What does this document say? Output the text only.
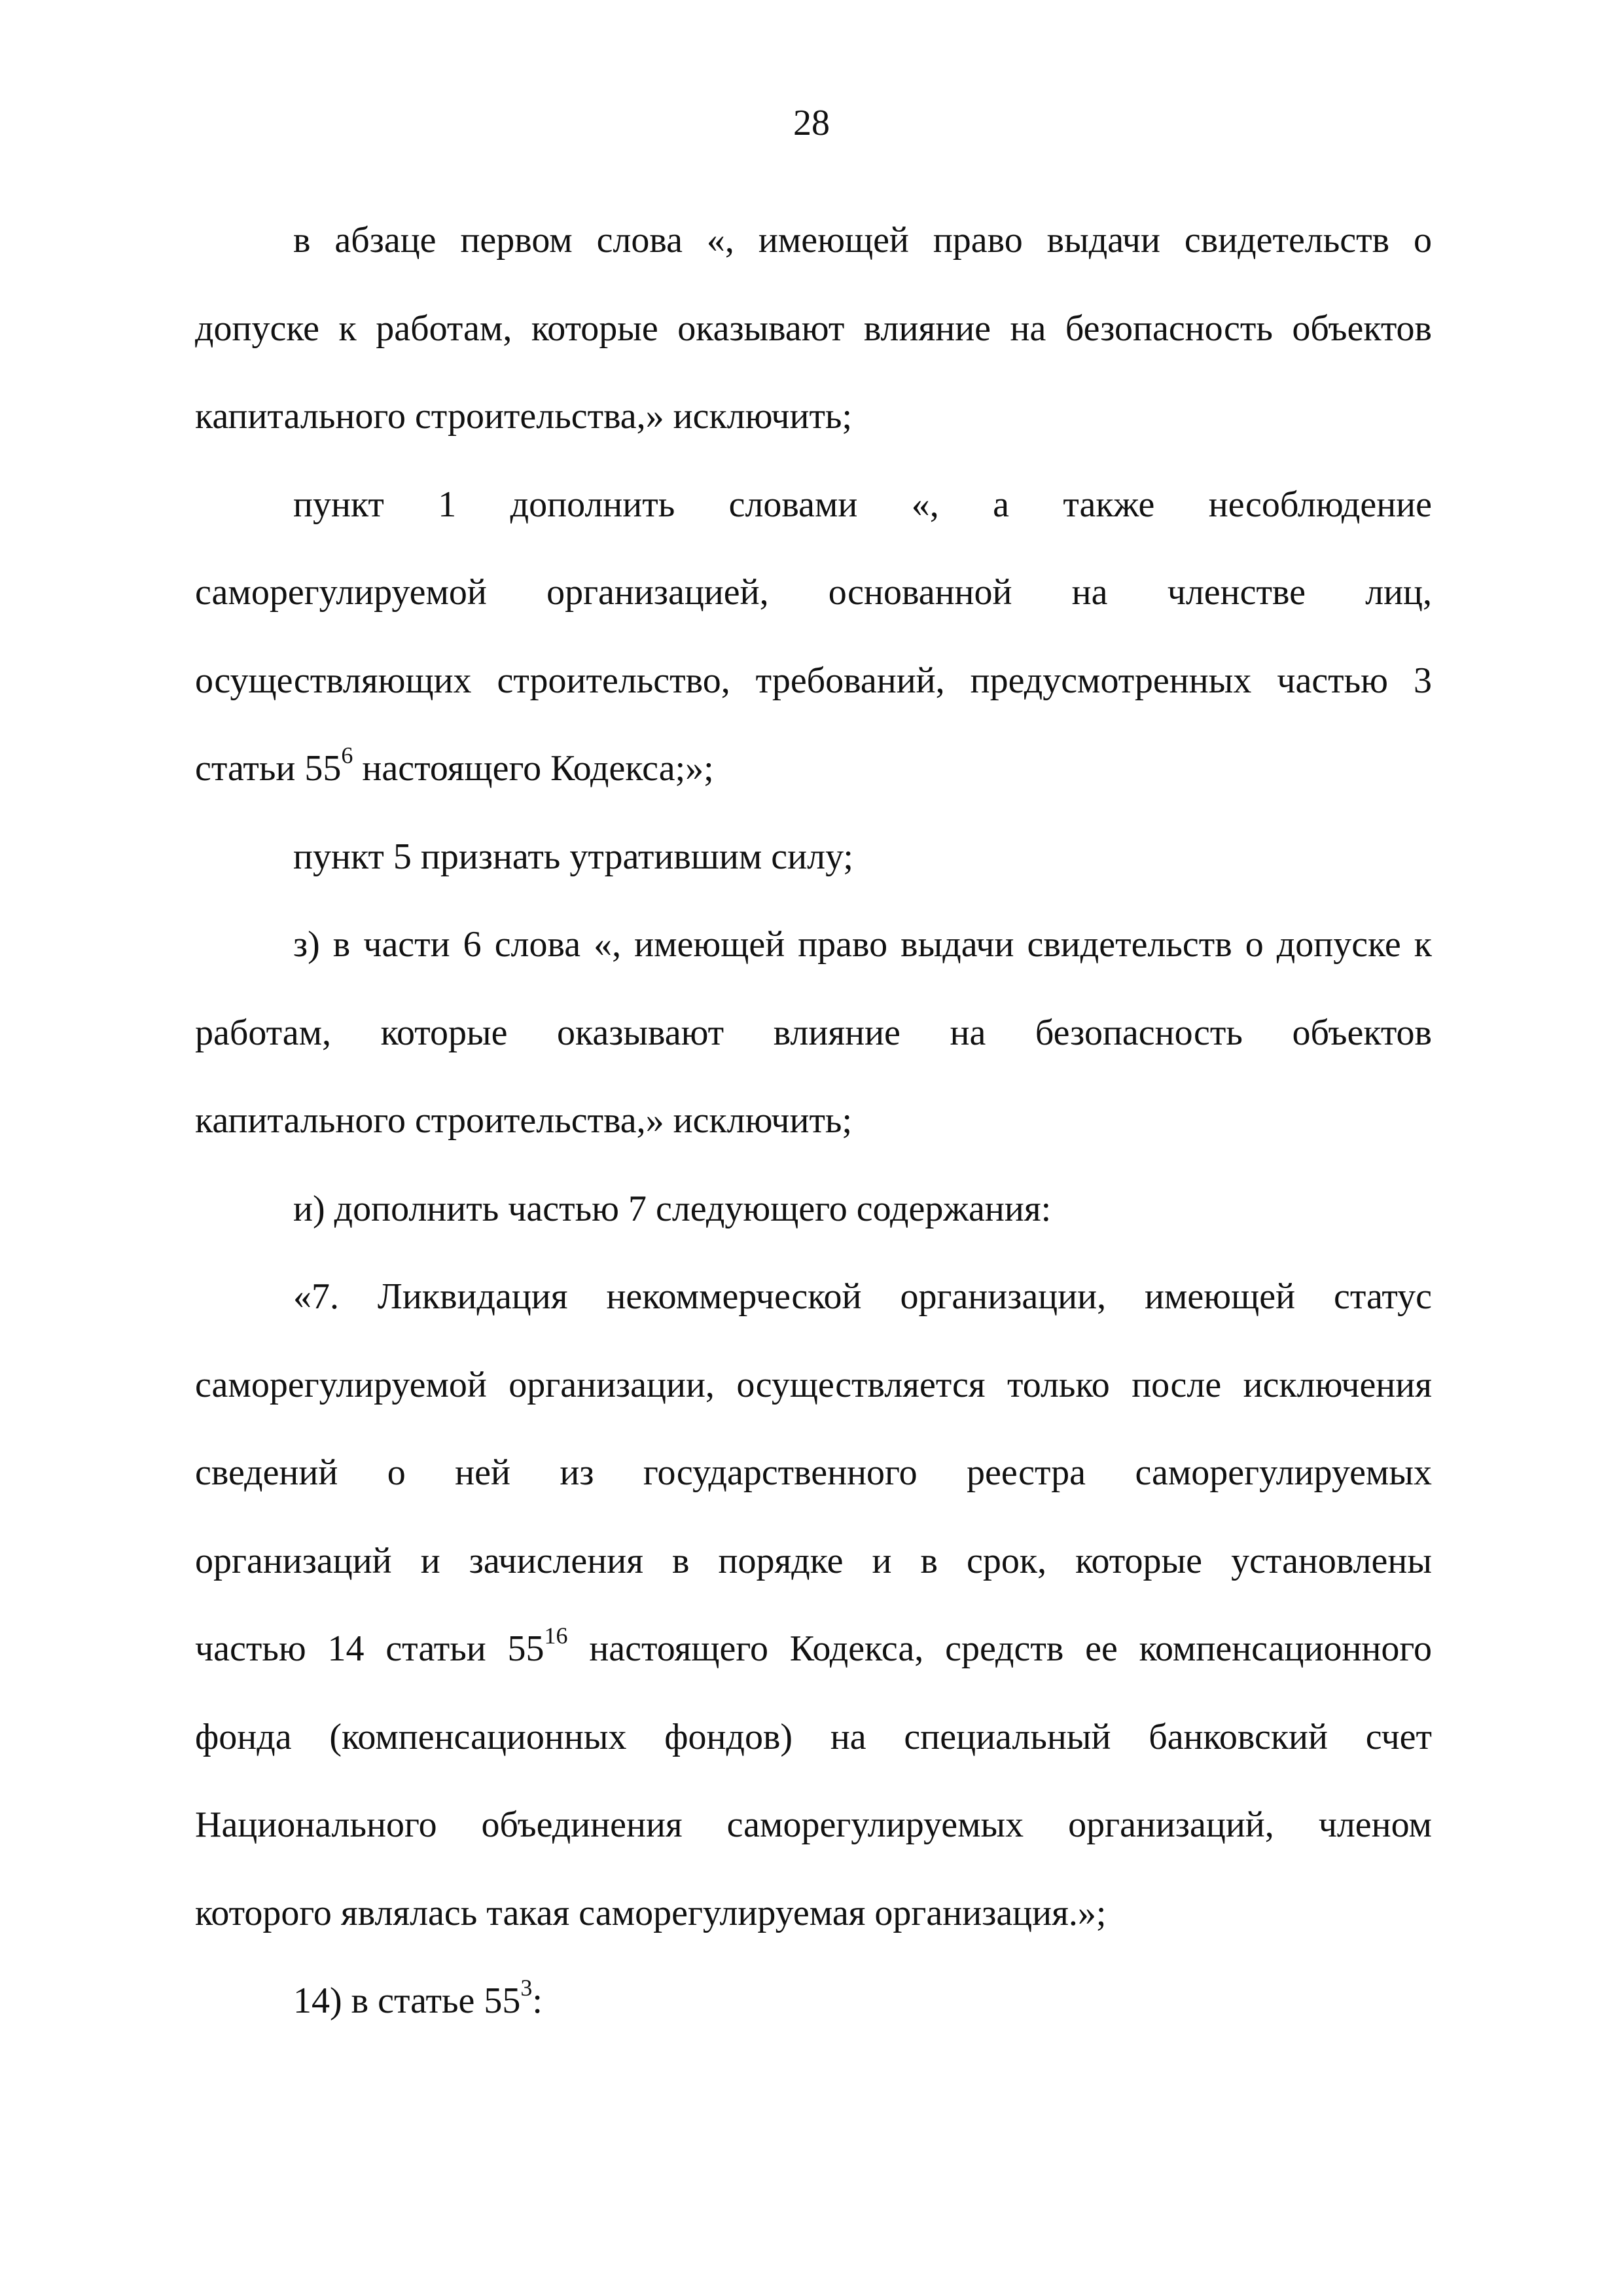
28
в абзаце первом слова «, имеющей право выдачи свидетельств о
допуске к работам, которые оказывают влияние на безопасность объектов
капитального строительства,» исключить;
пункт 1 дополнить словами «, а также несоблюдение
саморегулируемой организацией, основанной на членстве лиц,
осуществляющих строительство, требований, предусмотренных частью 3
статьи $55^6$ настоящего Кодекса;»;
пункт 5 признать утратившим силу;
з) в части 6 слова «, имеющей право выдачи свидетельств о допуске к
работам, которые оказывают влияние на безопасность объектов
капитального строительства,» исключить;
и) дополнить частью 7 следующего содержания:
«7. Ликвидация некоммерческой организации, имеющей статус
саморегулируемой организации, осуществляется только после исключения
сведений о ней из государственного реестра саморегулируемых
организаций и зачисления в порядке и в срок, которые установлены
частью 14 статьи $55^{16}$ настоящего Кодекса, средств ее компенсационного
фонда (компенсационных фондов) на специальный банковский счет
Национального объединения саморегулируемых организаций, членом
которого являлась такая саморегулируемая организация.»;
14) в статье $55^3$:
